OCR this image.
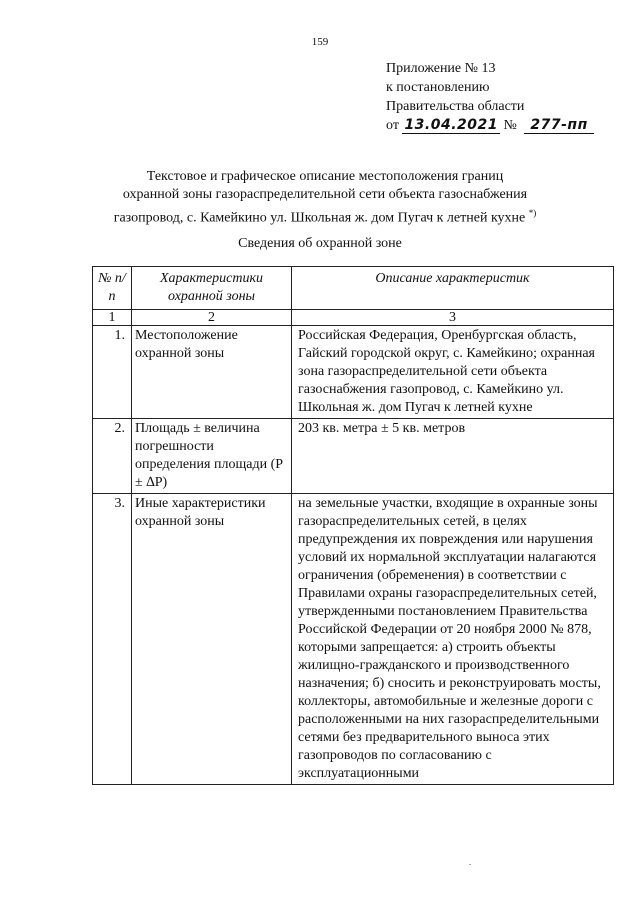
159
Приложение № 13
к постановлению
Правительства области
от 13.04.2021 № 277-пп
Текстовое и графическое описание местоположения границ
охранной зоны газораспределительной сети объекта газоснабжения
газопровод, с. Камейкино ул. Школьная ж. дом Пугач к летней кухне *)
Сведения об охранной зоне
№ п/п	Характеристики охранной зоны	Описание характеристик
1	2	3
1.	Местоположение охранной зоны	Российская Федерация, Оренбургская область, Гайский городской округ, с. Камейкино; охранная зона газораспределительной сети объекта газоснабжения газопровод, с. Камейкино ул. Школьная ж. дом Пугач к летней кухне
2.	Площадь ± величина погрешности определения площади (P ± ∆P)	203 кв. метра ± 5 кв. метров
3.	Иные характеристики охранной зоны	на земельные участки, входящие в охранные зоны газораспределительных сетей, в целях предупреждения их повреждения или нарушения условий их нормальной эксплуатации налагаются ограничения (обременения) в соответствии с Правилами охраны газораспределительных сетей, утвержденными постановлением Правительства Российской Федерации от 20 ноября 2000 № 878, которыми запрещается: а) строить объекты жилищно-гражданского и производственного назначения; б) сносить и реконструировать мосты, коллекторы, автомобильные и железные дороги с расположенными на них газораспределительными сетями без предварительного выноса этих газопроводов по согласованию с эксплуатационными
.
